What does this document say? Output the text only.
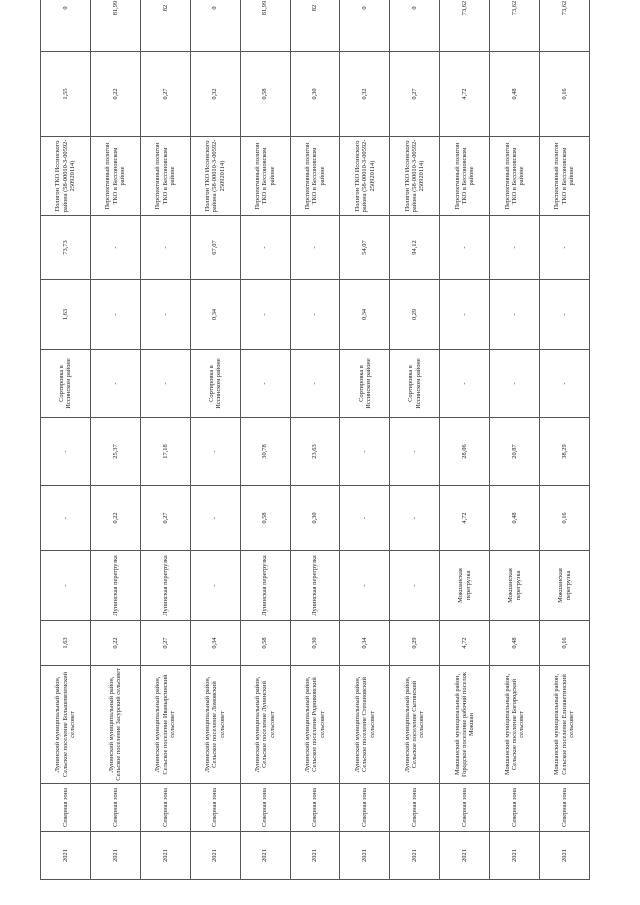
2021	Северная зона	Лунинский муниципальный район, Сельское поселение Большевяземский сельсовет	1,63	-	-	-	Сортировка в Иссинском районе	1,63	73,73	Полигон ТКО Иссинского района (58-00010-З-00592-250920114)	1,55	0
2021	Северная зона	Лунинский муниципальный район, Сельское поселение Засурский сельсовет	0,22	Лунинская перегрузка	0,22	25,37	-	-	-	Перспективный полигон ТКО в Бессоновском районе	0,22	81,99
2021	Северная зона	Лунинский муниципальный район, Сельское поселение Иванырсинский сельсовет	0,27	Лунинская перегрузка	0,27	17,18	-	-	-	Перспективный полигон ТКО в Бессоновском районе	0,27	82
2021	Северная зона	Лунинский муниципальный район, Сельское поселение Ломовский сельсовет	0,34	-	-	-	Сортировка в Иссинском районе	0,34	67,07	Полигон ТКО Иссинского района (58-00010-З-00592-250920114)	0,32	0
2021	Северная зона	Лунинский муниципальный район, Сельское поселение Лунинский сельсовет	0,58	Лунинская перегрузка	0,58	30,78	-	-	-	Перспективный полигон ТКО в Бессоновском районе	0,58	81,99
2021	Северная зона	Лунинский муниципальный район, Сельское поселение Родниковский сельсовет	0,30	Лунинская перегрузка	0,30	23,63	-	-	-	Перспективный полигон ТКО в Бессоновском районе	0,30	82
2021	Северная зона	Лунинский муниципальный район, Сельское поселение Степановский сельсовет	0,34	-	-	-	Сортировка в Иссинском районе	0,34	54,07	Полигон ТКО Иссинского района (58-00010-З-00592-250920114)	0,32	0
2021	Северная зона	Лунинский муниципальный район, Сельское поселение Сытинский сельсовет	0,29	-	-	-	Сортировка в Иссинском районе	0,29	94,12	Полигон ТКО Иссинского района (58-00010-З-00592-250920114)	0,27	0
2021	Северная зона	Мокшанский муниципальный район, Городское поселение рабочий поселок Мокшан	4,72	Мокшанская перегрузка	4,72	28,06	-	-	-	Перспективный полигон ТКО в Бессоновском районе	4,72	73,62
2021	Северная зона	Мокшанский муниципальный район, Сельское поселение Богородский сельсовет	0,48	Мокшанская перегрузка	0,48	20,87	-	-	-	Перспективный полигон ТКО в Бессоновском районе	0,48	73,62
2021	Северная зона	Мокшанский муниципальный район, Сельское поселение Елизаветинский сельсовет	0,16	Мокшанская перегрузка	0,16	38,29	-	-	-	Перспективный полигон ТКО в Бессоновском районе	0,16	73,62
